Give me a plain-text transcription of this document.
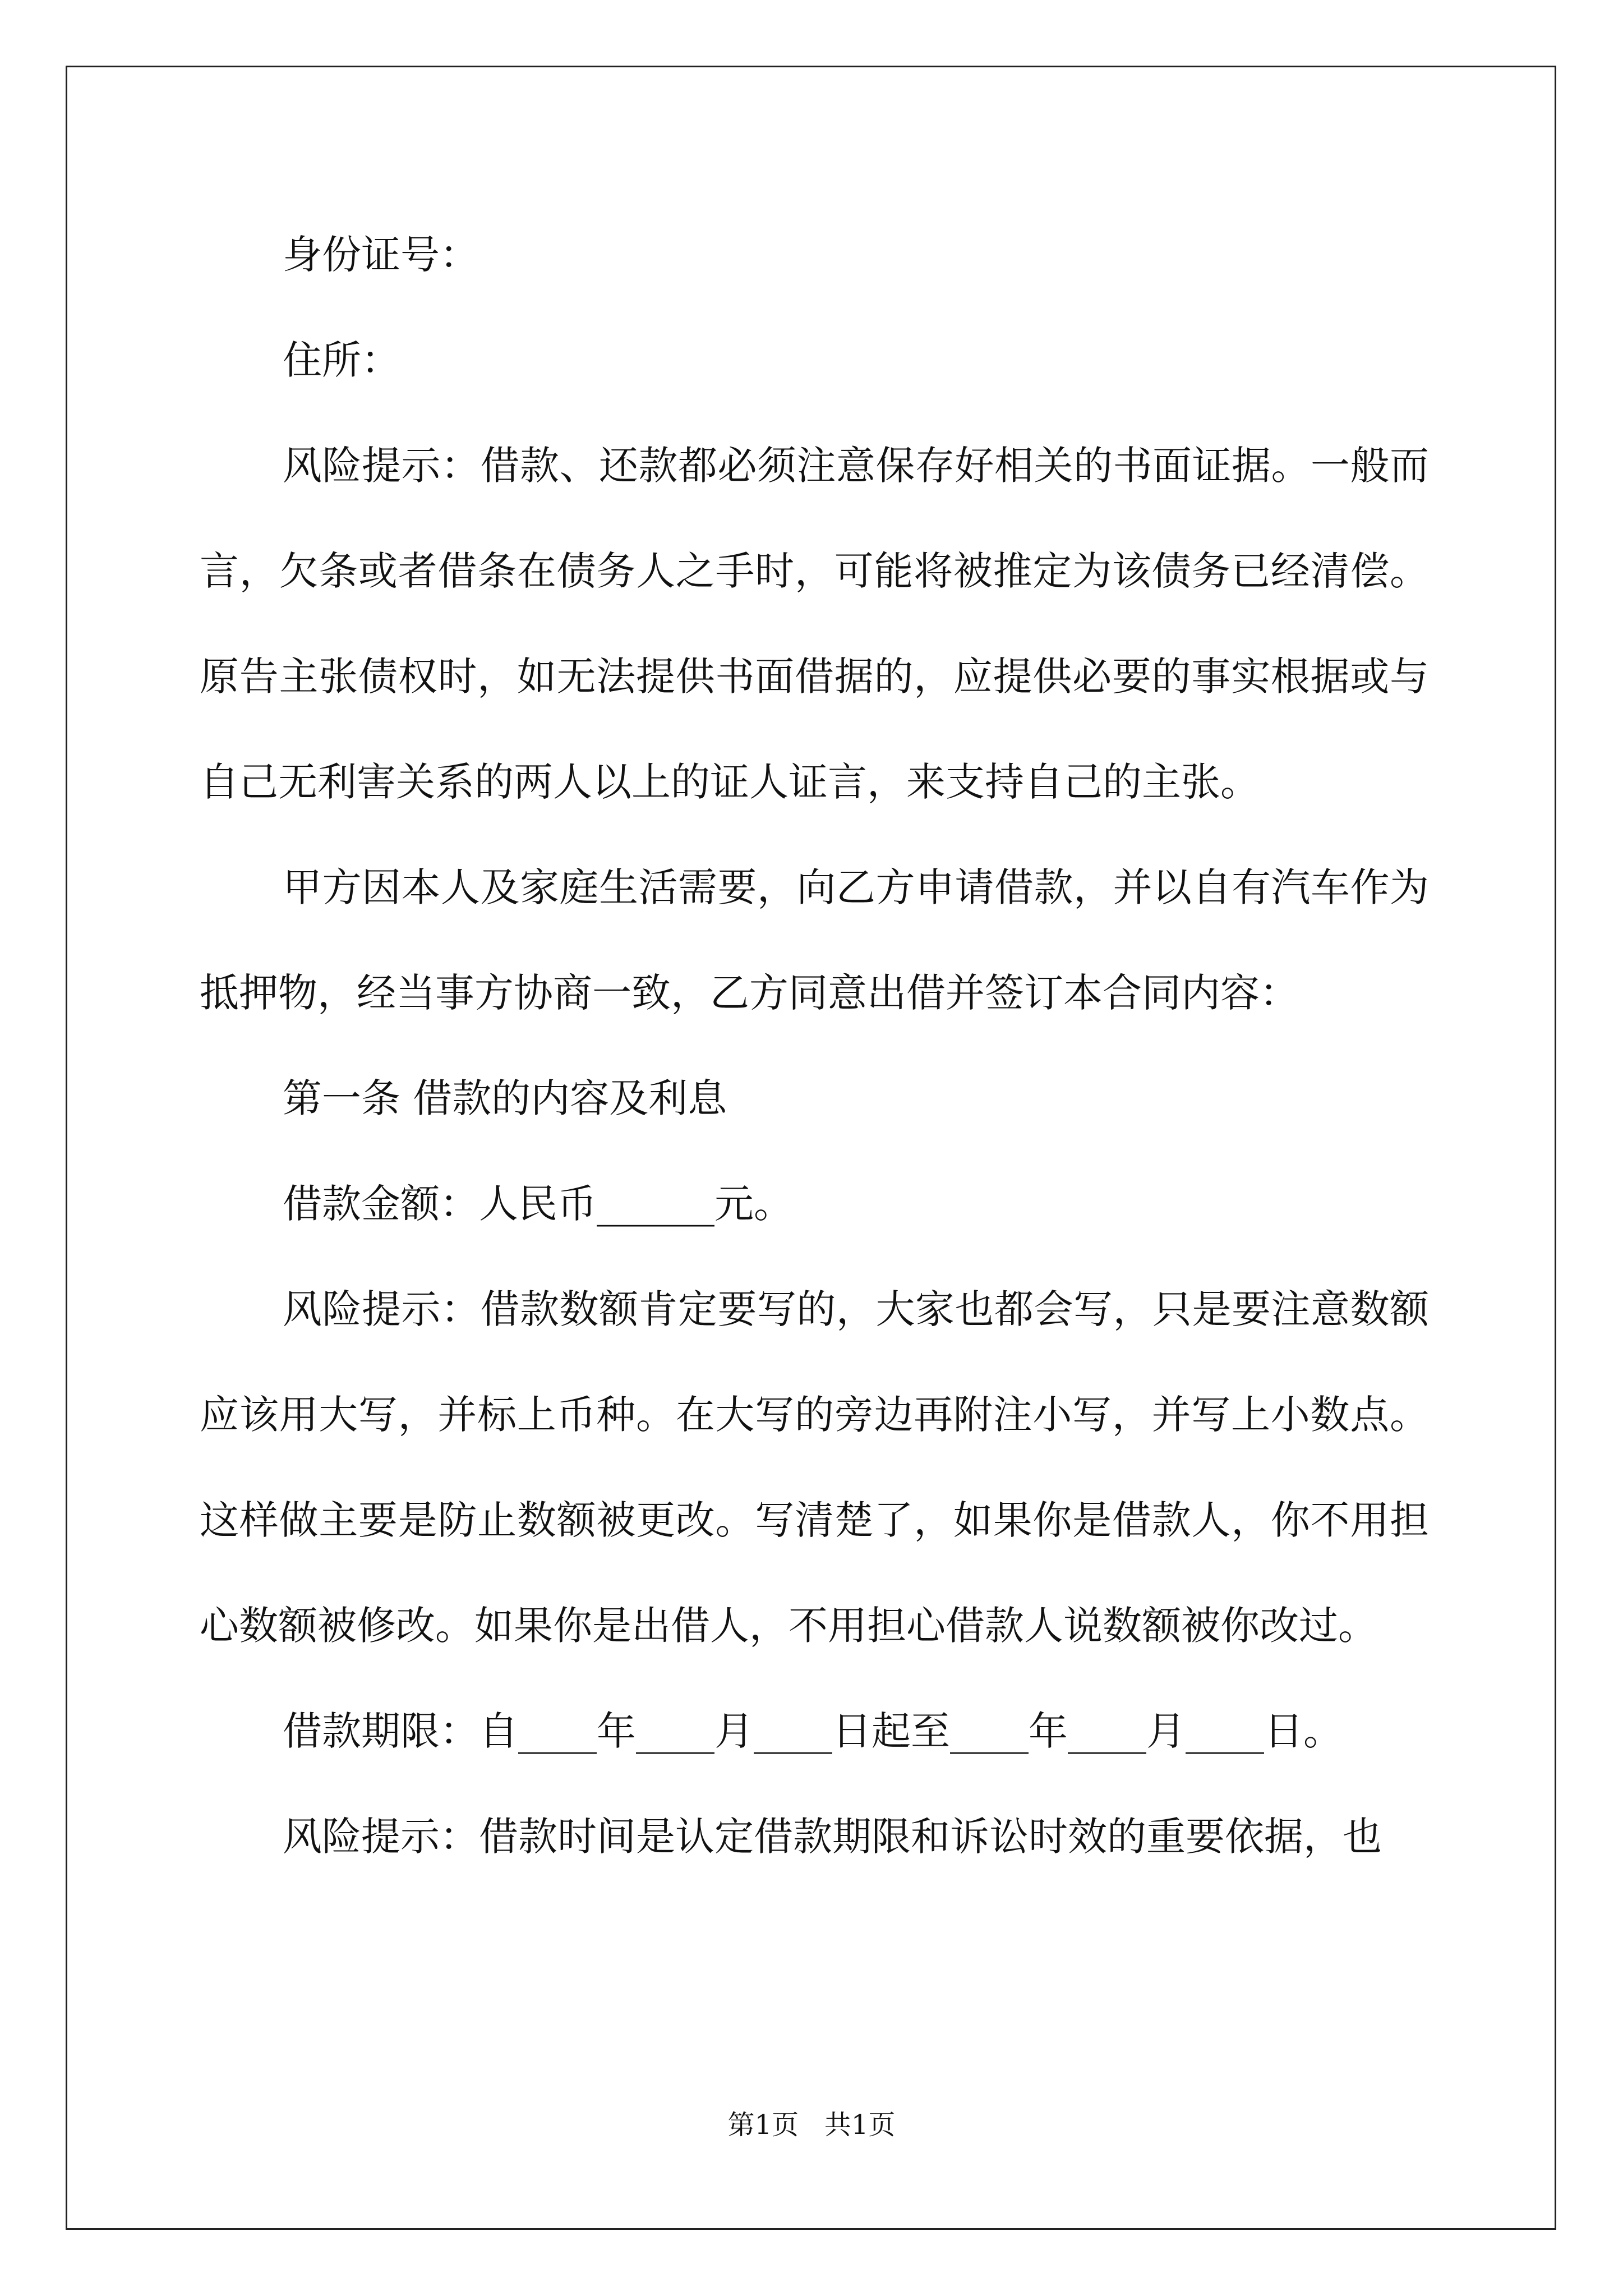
身份证号：

住所：

风险提示：借款、还款都必须注意保存好相关的书面证据。一般而言，欠条或者借条在债务人之手时，可能将被推定为该债务已经清偿。原告主张债权时，如无法提供书面借据的，应提供必要的事实根据或与自己无利害关系的两人以上的证人证言，来支持自己的主张。

甲方因本人及家庭生活需要，向乙方申请借款，并以自有汽车作为抵押物，经当事方协商一致，乙方同意出借并签订本合同内容：

第一条 借款的内容及利息

借款金额：人民币______元。

风险提示：借款数额肯定要写的，大家也都会写，只是要注意数额应该用大写，并标上币种。在大写的旁边再附注小写，并写上小数点。这样做主要是防止数额被更改。写清楚了，如果你是借款人，你不用担心数额被修改。如果你是出借人，不用担心借款人说数额被你改过。

借款期限：自____年____月____日起至____年____月____日。

风险提示：借款时间是认定借款期限和诉讼时效的重要依据，也

第1页   共1页
